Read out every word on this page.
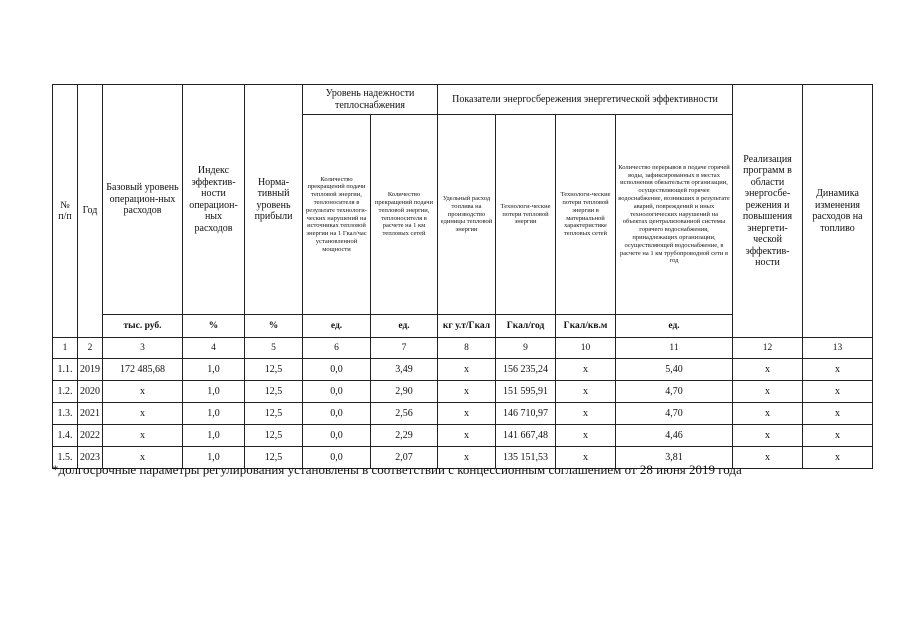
№ п/п	Год	Базовый уровень операцион-ных расходов	Индекс эффектив-ности операцион-ных расходов	Норма-тивный уровень прибыли	Уровень надежности теплоснабжения		Показатели энергосбережения энергетической эффективности				Реализация программ в области энергосбе-режения и повышения энергети-ческой эффектив-ности	Динамика изменения расходов на топливо
					Количество прекращений подачи тепловой энергии, теплоносителя в результате технологи-ческих нарушений на источниках тепловой энергии на 1 Гкал/час установленной мощности	Количество прекращений подачи тепловой энергии, теплоносителя в расчете на 1 км тепловых сетей	Удельный расход топлива на производство единицы тепловой энергии	Технологи-ческие потери тепловой энергии	Технологи-ческие потери тепловой энергии в материальной характеристике тепловых сетей	Количество перерывов в подаче горячей воды, зафиксированных в местах исполнения обязательств организации, осуществляющей горячее водоснабжение, возникших в результате аварий, повреждений и иных технологических нарушений на объектах централизованной системы горячего водоснабжения, принадлежащих организации, осуществляющей водоснабжение, в расчете на 1 км трубопроводной сети в год		
		тыс. руб.	%	%	ед.	ед.	кг у.т/Гкал	Гкал/год	Гкал/кв.м	ед.		
1	2	3	4	5	6	7	8	9	10	11	12	13
1.1.	2019	172 485,68	1,0	12,5	0,0	3,49	x	156 235,24	x	5,40	x	x
1.2.	2020	x	1,0	12,5	0,0	2,90	x	151 595,91	x	4,70	x	x
1.3.	2021	x	1,0	12,5	0,0	2,56	x	146 710,97	x	4,70	x	x
1.4.	2022	x	1,0	12,5	0,0	2,29	x	141 667,48	x	4,46	x	x
1.5.	2023	x	1,0	12,5	0,0	2,07	x	135 151,53	x	3,81	x	x
*долгосрочные параметры регулирования установлены в соответствии с концессионным соглашением от 28 июня 2019 года
